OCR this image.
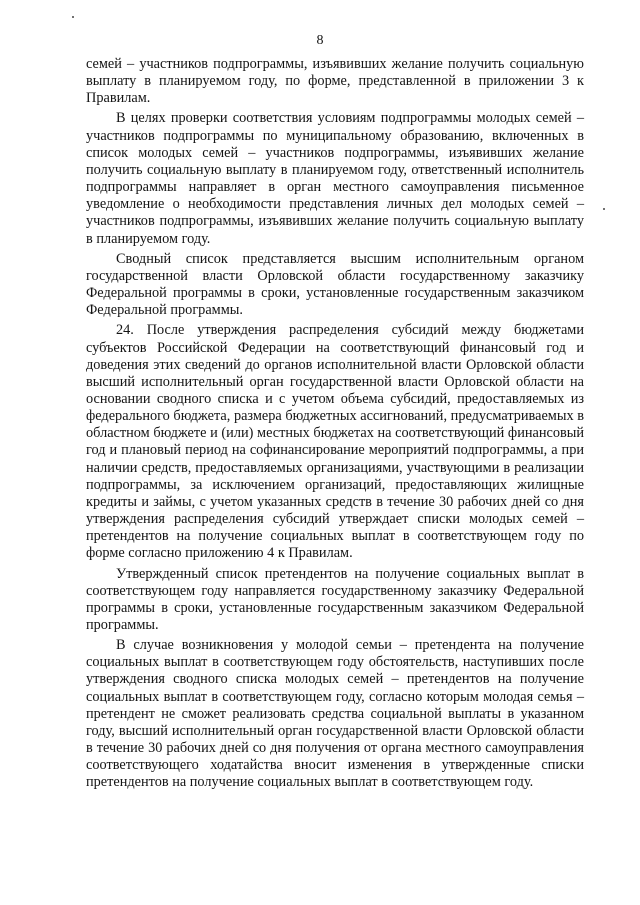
8

семей – участников подпрограммы, изъявивших желание получить социальную выплату в планируемом году, по форме, представленной в приложении 3 к Правилам.

В целях проверки соответствия условиям подпрограммы молодых семей – участников подпрограммы по муниципальному образованию, включенных в список молодых семей – участников подпрограммы, изъявивших желание получить социальную выплату в планируемом году, ответственный исполнитель подпрограммы направляет в орган местного самоуправления письменное уведомление о необходимости представления личных дел молодых семей – участников подпрограммы, изъявивших желание получить социальную выплату в планируемом году.

Сводный список представляется высшим исполнительным органом государственной власти Орловской области государственному заказчику Федеральной программы в сроки, установленные государственным заказчиком Федеральной программы.

24. После утверждения распределения субсидий между бюджетами субъектов Российской Федерации на соответствующий финансовый год и доведения этих сведений до органов исполнительной власти Орловской области высший исполнительный орган государственной власти Орловской области на основании сводного списка и с учетом объема субсидий, предоставляемых из федерального бюджета, размера бюджетных ассигнований, предусматриваемых в областном бюджете и (или) местных бюджетах на соответствующий финансовый год и плановый период на софинансирование мероприятий подпрограммы, а при наличии средств, предоставляемых организациями, участвующими в реализации подпрограммы, за исключением организаций, предоставляющих жилищные кредиты и займы, с учетом указанных средств в течение 30 рабочих дней со дня утверждения распределения субсидий утверждает списки молодых семей – претендентов на получение социальных выплат в соответствующем году по форме согласно приложению 4 к Правилам.

Утвержденный список претендентов на получение социальных выплат в соответствующем году направляется государственному заказчику Федеральной программы в сроки, установленные государственным заказчиком Федеральной программы.

В случае возникновения у молодой семьи – претендента на получение социальных выплат в соответствующем году обстоятельств, наступивших после утверждения сводного списка молодых семей – претендентов на получение социальных выплат в соответствующем году, согласно которым молодая семья – претендент не сможет реализовать средства социальной выплаты в указанном году, высший исполнительный орган государственной власти Орловской области в течение 30 рабочих дней со дня получения от органа местного самоуправления соответствующего ходатайства вносит изменения в утвержденные списки претендентов на получение социальных выплат в соответствующем году.
